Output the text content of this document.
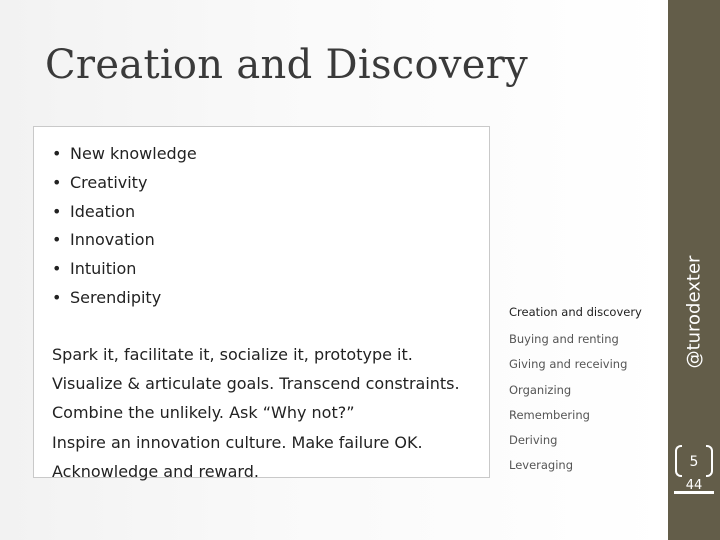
Creation and Discovery
• New knowledge
• Creativity
• Ideation
• Innovation
• Intuition
• Serendipity
Spark it, facilitate it, socialize it, prototype it.
Visualize & articulate goals. Transcend constraints.
Combine the unlikely. Ask “Why not?”
Inspire an innovation culture. Make failure OK.
Acknowledge and reward.
Creation and discovery
Buying and renting
Giving and receiving
Organizing
Remembering
Deriving
Leveraging
@turodexter
5
44
